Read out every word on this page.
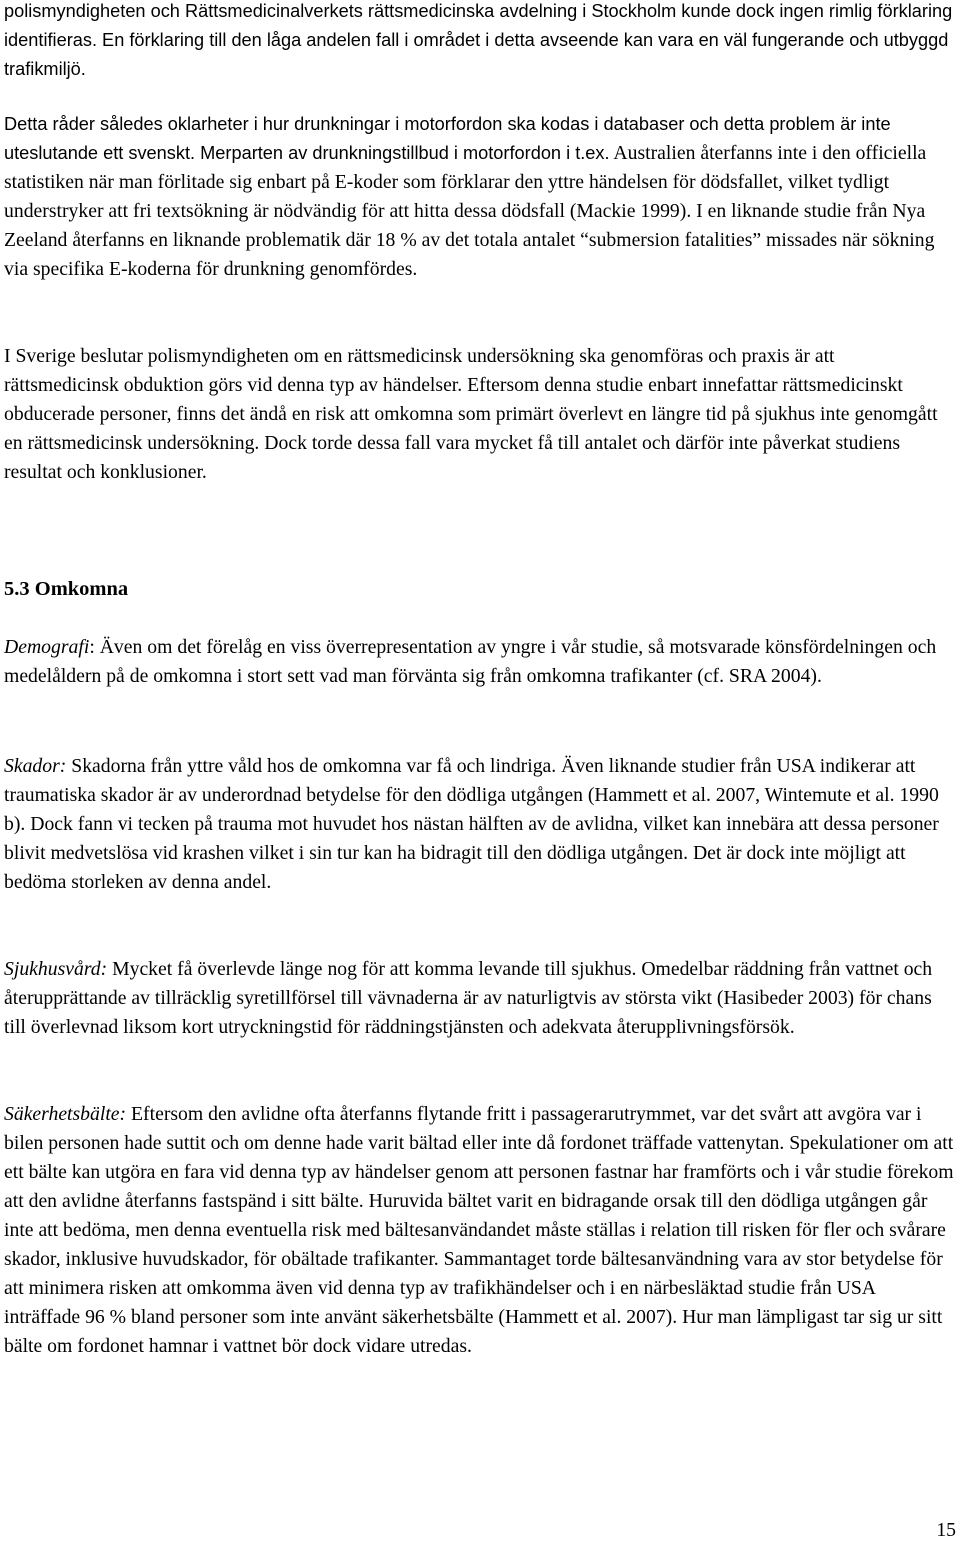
polismyndigheten och Rättsmedicinalverkets rättsmedicinska avdelning i Stockholm kunde dock ingen rimlig förklaring identifieras. En förklaring till den låga andelen fall i området i detta avseende kan vara en väl fungerande och utbyggd trafikmiljö.

Detta råder således oklarheter i hur drunkningar i motorfordon ska kodas i databaser och detta problem är inte uteslutande ett svenskt. Merparten av drunkningstillbud i motorfordon i t.ex. Australien återfanns inte i den officiella statistiken när man förlitade sig enbart på E-koder som förklarar den yttre händelsen för dödsfallet, vilket tydligt understryker att fri textsökning är nödvändig för att hitta dessa dödsfall (Mackie 1999). I en liknande studie från Nya Zeeland återfanns en liknande problematik där 18 % av det totala antalet “submersion fatalities” missades när sökning via specifika E-koderna för drunkning genomfördes.

I Sverige beslutar polismyndigheten om en rättsmedicinsk undersökning ska genomföras och praxis är att rättsmedicinsk obduktion görs vid denna typ av händelser. Eftersom denna studie enbart innefattar rättsmedicinskt obducerade personer, finns det ändå en risk att omkomna som primärt överlevt en längre tid på sjukhus inte genomgått en rättsmedicinsk undersökning. Dock torde dessa fall vara mycket få till antalet och därför inte påverkat studiens resultat och konklusioner.

5.3 Omkomna

Demografi: Även om det förelåg en viss överrepresentation av yngre i vår studie, så motsvarade könsfördelningen och medelåldern på de omkomna i stort sett vad man förvänta sig från omkomna trafikanter (cf. SRA 2004).

Skador: Skadorna från yttre våld hos de omkomna var få och lindriga. Även liknande studier från USA indikerar att traumatiska skador är av underordnad betydelse för den dödliga utgången (Hammett et al. 2007, Wintemute et al. 1990 b). Dock fann vi tecken på trauma mot huvudet hos nästan hälften av de avlidna, vilket kan innebära att dessa personer blivit medvetslösa vid krashen vilket i sin tur kan ha bidragit till den dödliga utgången. Det är dock inte möjligt att bedöma storleken av denna andel.

Sjukhusvård: Mycket få överlevde länge nog för att komma levande till sjukhus. Omedelbar räddning från vattnet och återupprättande av tillräcklig syretillförsel till vävnaderna är av naturligtvis av största vikt (Hasibeder 2003) för chans till överlevnad liksom kort utryckningstid för räddningstjänsten och adekvata återupplivningsförsök.

Säkerhetsbälte: Eftersom den avlidne ofta återfanns flytande fritt i passagerarutrymmet, var det svårt att avgöra var i bilen personen hade suttit och om denne hade varit bältad eller inte då fordonet träffade vattenytan. Spekulationer om att ett bälte kan utgöra en fara vid denna typ av händelser genom att personen fastnar har framförts och i vår studie förekom att den avlidne återfanns fastspänd i sitt bälte. Huruvida bältet varit en bidragande orsak till den dödliga utgången går inte att bedöma, men denna eventuella risk med bältesanvändandet måste ställas i relation till risken för fler och svårare skador, inklusive huvudskador, för obältade trafikanter. Sammantaget torde bältesanvändning vara av stor betydelse för att minimera risken att omkomma även vid denna typ av trafikhändelser och i en närbesläktad studie från USA inträffade 96 % bland personer som inte använt säkerhetsbälte (Hammett et al. 2007). Hur man lämpligast tar sig ur sitt bälte om fordonet hamnar i vattnet bör dock vidare utredas.

15
